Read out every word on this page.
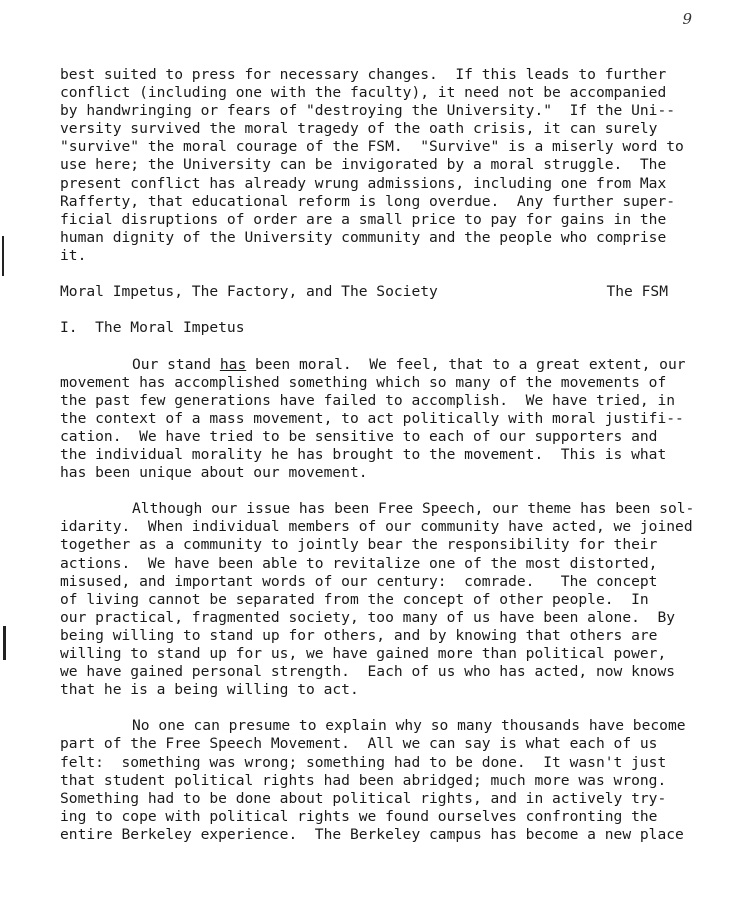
9
best suited to press for necessary changes.  If this leads to further
conflict (including one with the faculty), it need not be accompanied
by handwringing or fears of "destroying the University."  If the Uni--
versity survived the moral tragedy of the oath crisis, it can surely
"survive" the moral courage of the FSM.  "Survive" is a miserly word to
use here; the University can be invigorated by a moral struggle.  The
present conflict has already wrung admissions, including one from Max
Rafferty, that educational reform is long overdue.  Any further super-
ficial disruptions of order are a small price to pay for gains in the
human dignity of the University community and the people who comprise
it.
Moral Impetus, The Factory, and The Society	The FSM
I.  The Moral Impetus
Our stand has been moral.  We feel, that to a great extent, our
movement has accomplished something which so many of the movements of
the past few generations have failed to accomplish.  We have tried, in
the context of a mass movement, to act politically with moral justifi--
cation.  We have tried to be sensitive to each of our supporters and
the individual morality he has brought to the movement.  This is what
has been unique about our movement.
Although our issue has been Free Speech, our theme has been sol-
idarity.  When individual members of our community have acted, we joined
together as a community to jointly bear the responsibility for their
actions.  We have been able to revitalize one of the most distorted,
misused, and important words of our century:  comrade.   The concept
of living cannot be separated from the concept of other people.  In
our practical, fragmented society, too many of us have been alone.  By
being willing to stand up for others, and by knowing that others are
willing to stand up for us, we have gained more than political power,
we have gained personal strength.  Each of us who has acted, now knows
that he is a being willing to act.
No one can presume to explain why so many thousands have become
part of the Free Speech Movement.  All we can say is what each of us
felt:  something was wrong; something had to be done.  It wasn't just
that student political rights had been abridged; much more was wrong.
Something had to be done about political rights, and in actively try-
ing to cope with political rights we found ourselves confronting the
entire Berkeley experience.  The Berkeley campus has become a new place
